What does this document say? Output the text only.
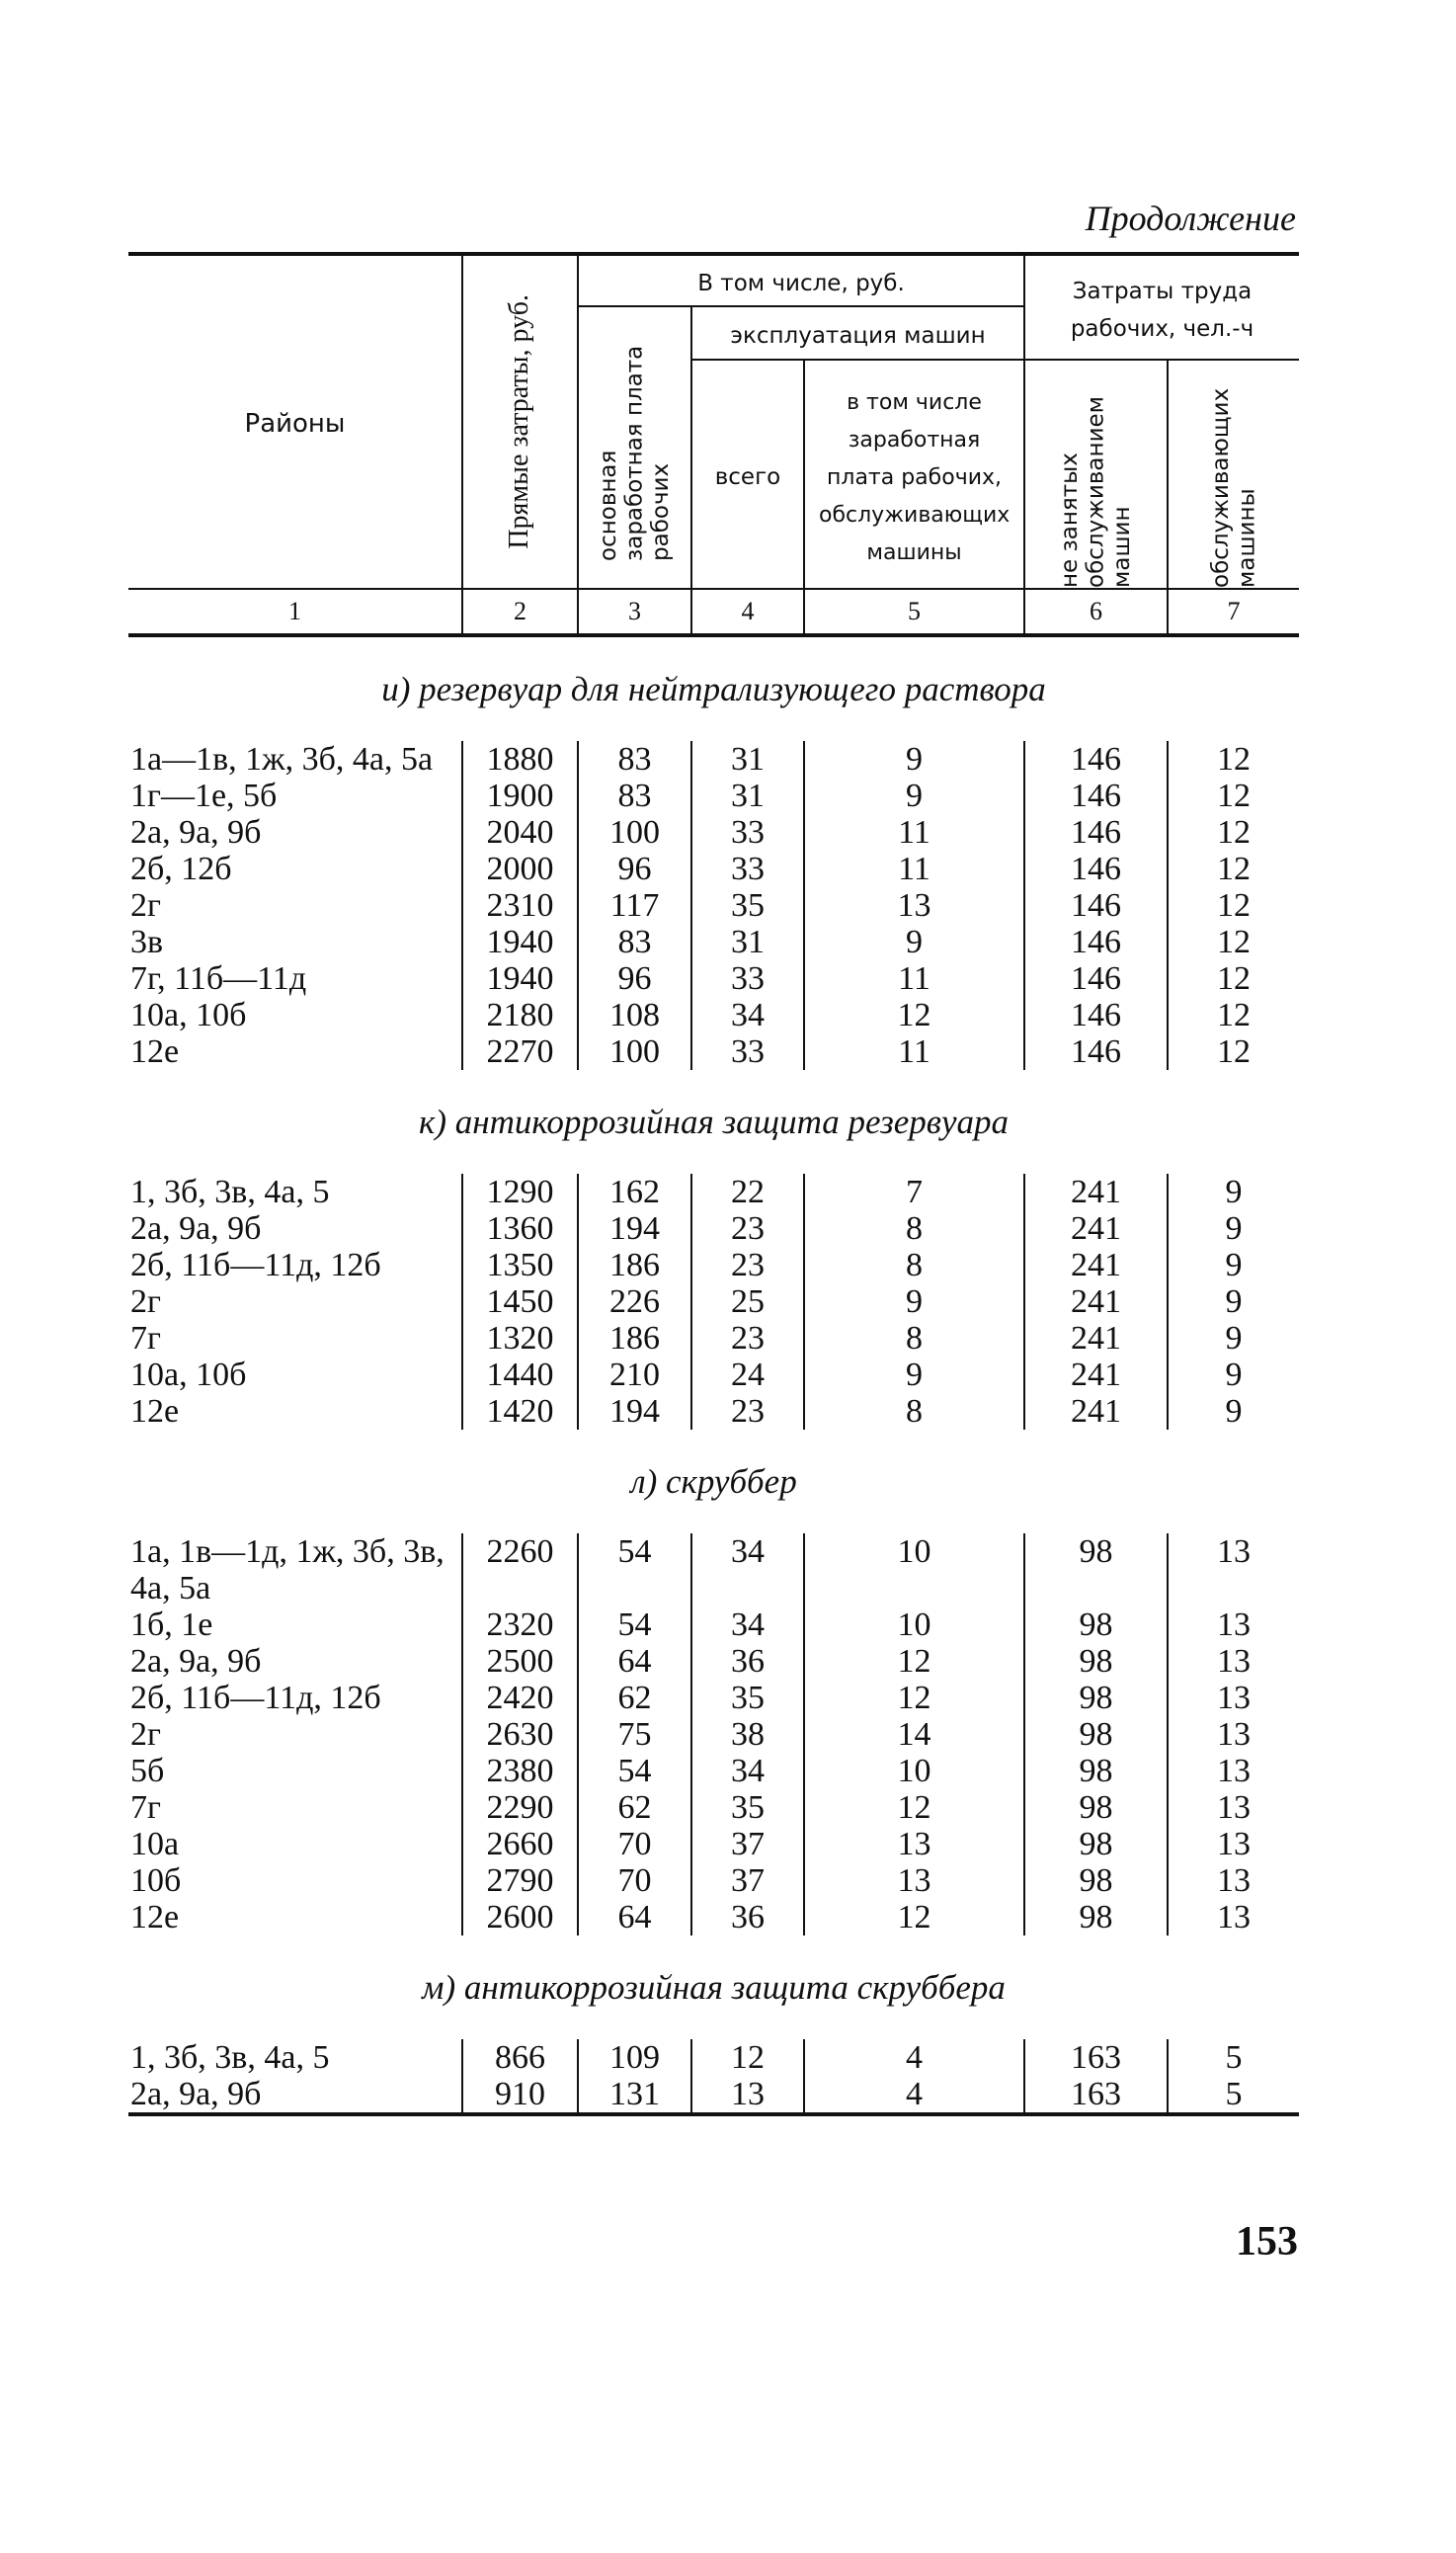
Продолжение
Районы	Прямые затраты, руб.	В том числе, руб.			Затраты труда рабочих, чел.-ч	

		основная заработная плата рабочих	эксплуатация машин			
			всего	в том числе заработная плата рабочих, обслуживающих машины	не занятых обслуживанием машин	обслуживающих машины

1	2	3	4	5	6	7
и) резервуар для нейтрализующего раствора						
1а—1в, 1ж, 3б, 4а, 5а	1880	83	31	9	146	12
1г—1е, 5б	1900	83	31	9	146	12
2а, 9а, 9б	2040	100	33	11	146	12
2б, 12б	2000	96	33	11	146	12
2г	2310	117	35	13	146	12
3в	1940	83	31	9	146	12
7г, 11б—11д	1940	96	33	11	146	12
10а, 10б	2180	108	34	12	146	12
12е	2270	100	33	11	146	12
к) антикоррозийная защита резервуара						
1, 3б, 3в, 4а, 5	1290	162	22	7	241	9
2а, 9а, 9б	1360	194	23	8	241	9
2б, 11б—11д, 12б	1350	186	23	8	241	9
2г	1450	226	25	9	241	9
7г	1320	186	23	8	241	9
10а, 10б	1440	210	24	9	241	9
12е	1420	194	23	8	241	9
л) скруббер						
1а, 1в—1д, 1ж, 3б, 3в, 4а, 5а	2260	54	34	10	98	13
1б, 1е	2320	54	34	10	98	13
2а, 9а, 9б	2500	64	36	12	98	13
2б, 11б—11д, 12б	2420	62	35	12	98	13
2г	2630	75	38	14	98	13
5б	2380	54	34	10	98	13
7г	2290	62	35	12	98	13
10а	2660	70	37	13	98	13
10б	2790	70	37	13	98	13
12е	2600	64	36	12	98	13
м) антикоррозийная защита скруббера						
1, 3б, 3в, 4а, 5	866	109	12	4	163	5
2а, 9а, 9б	910	131	13	4	163	5

153
